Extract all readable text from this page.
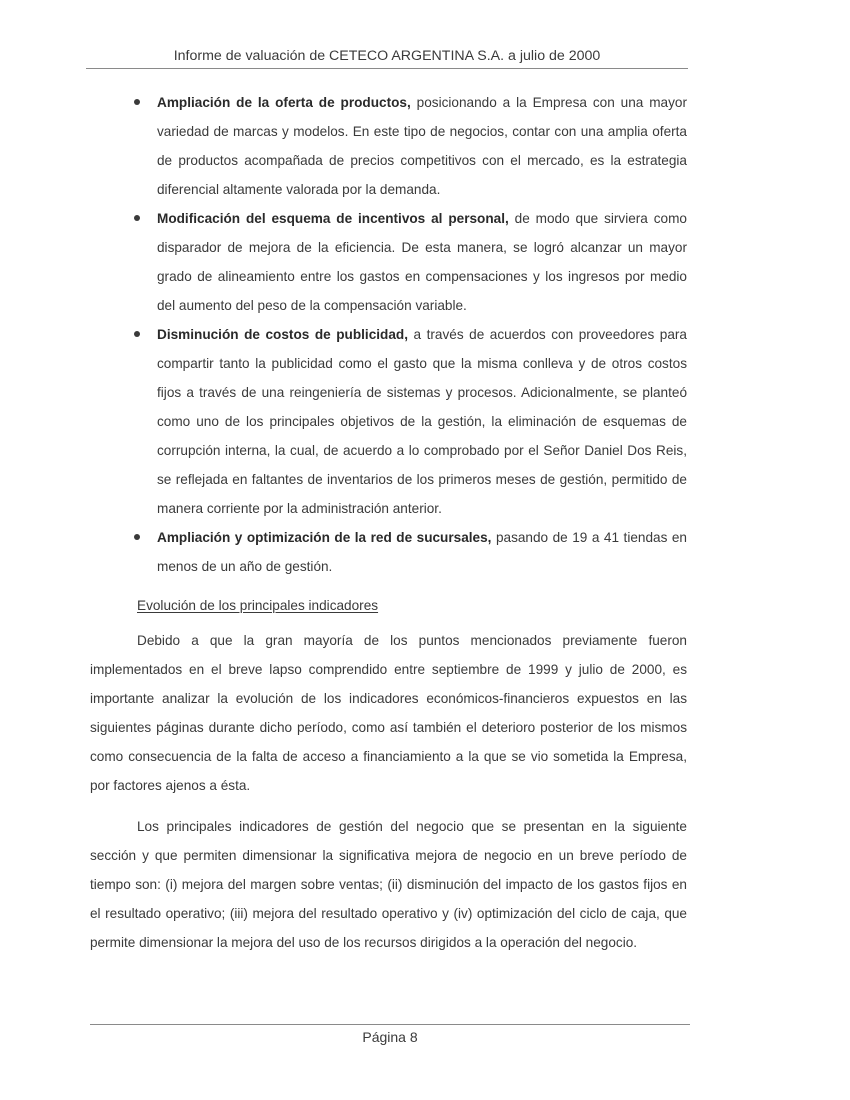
Informe de valuación de CETECO ARGENTINA S.A. a julio de 2000
Ampliación de la oferta de productos, posicionando a la Empresa con una mayor variedad de marcas y modelos. En este tipo de negocios, contar con una amplia oferta de productos acompañada de precios competitivos con el mercado, es la estrategia diferencial altamente valorada por la demanda.
Modificación del esquema de incentivos al personal, de modo que sirviera como disparador de mejora de la eficiencia. De esta manera, se logró alcanzar un mayor grado de alineamiento entre los gastos en compensaciones y los ingresos por medio del aumento del peso de la compensación variable.
Disminución de costos de publicidad, a través de acuerdos con proveedores para compartir tanto la publicidad como el gasto que la misma conlleva y de otros costos fijos a través de una reingeniería de sistemas y procesos. Adicionalmente, se planteó como uno de los principales objetivos de la gestión, la eliminación de esquemas de corrupción interna, la cual, de acuerdo a lo comprobado por el Señor Daniel Dos Reis, se reflejada en faltantes de inventarios de los primeros meses de gestión, permitido de manera corriente por la administración anterior.
Ampliación y optimización de la red de sucursales, pasando de 19 a 41 tiendas en menos de un año de gestión.
Evolución de los principales indicadores

Debido a que la gran mayoría de los puntos mencionados previamente fueron implementados en el breve lapso comprendido entre septiembre de 1999 y julio de 2000, es importante analizar la evolución de los indicadores económicos-financieros expuestos en las siguientes páginas durante dicho período, como así también el deterioro posterior de los mismos como consecuencia de la falta de acceso a financiamiento a la que se vio sometida la Empresa, por factores ajenos a ésta.

Los principales indicadores de gestión del negocio que se presentan en la siguiente sección y que permiten dimensionar la significativa mejora de negocio en un breve período de tiempo son: (i) mejora del margen sobre ventas; (ii) disminución del impacto de los gastos fijos en el resultado operativo; (iii) mejora del resultado operativo y (iv) optimización del ciclo de caja, que permite dimensionar la mejora del uso de los recursos dirigidos a la operación del negocio.

Página 8
